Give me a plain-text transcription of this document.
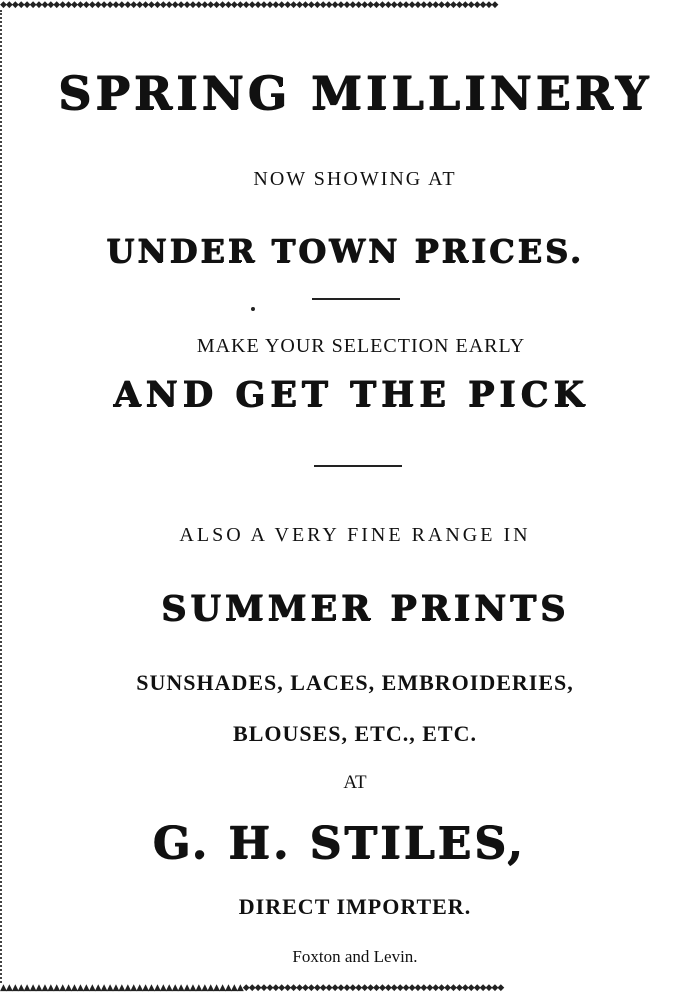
◆◆◆◆◆◆◆◆◆◆◆◆◆◆◆◆◆◆◆◆◆◆◆◆◆◆◆◆◆◆◆◆◆◆◆◆◆◆◆◆◆◆◆◆◆◆◆◆◆◆◆◆◆◆◆◆◆◆◆◆◆◆◆◆◆◆◆◆◆◆◆◆◆◆◆◆◆◆◆◆◆◆◆◆
▲▲▲▲▲▲▲▲▲▲▲▲▲▲▲▲▲▲▲▲▲▲▲▲▲▲▲▲▲▲▲▲▲▲▲▲▲▲▲▲▲◆◆◆◆◆◆◆◆◆◆◆◆◆◆◆◆◆◆◆◆◆◆◆◆◆◆◆◆◆◆◆◆◆◆◆◆◆◆◆◆◆◆◆◆
SPRING MILLINERY
NOW SHOWING AT
UNDER TOWN PRICES.
MAKE YOUR SELECTION EARLY
AND GET THE PICK
ALSO A VERY FINE RANGE IN
SUMMER PRINTS
SUNSHADES, LACES, EMBROIDERIES,
BLOUSES, ETC., ETC.
AT
G. H. STILES,
DIRECT IMPORTER.
Foxton and Levin.
